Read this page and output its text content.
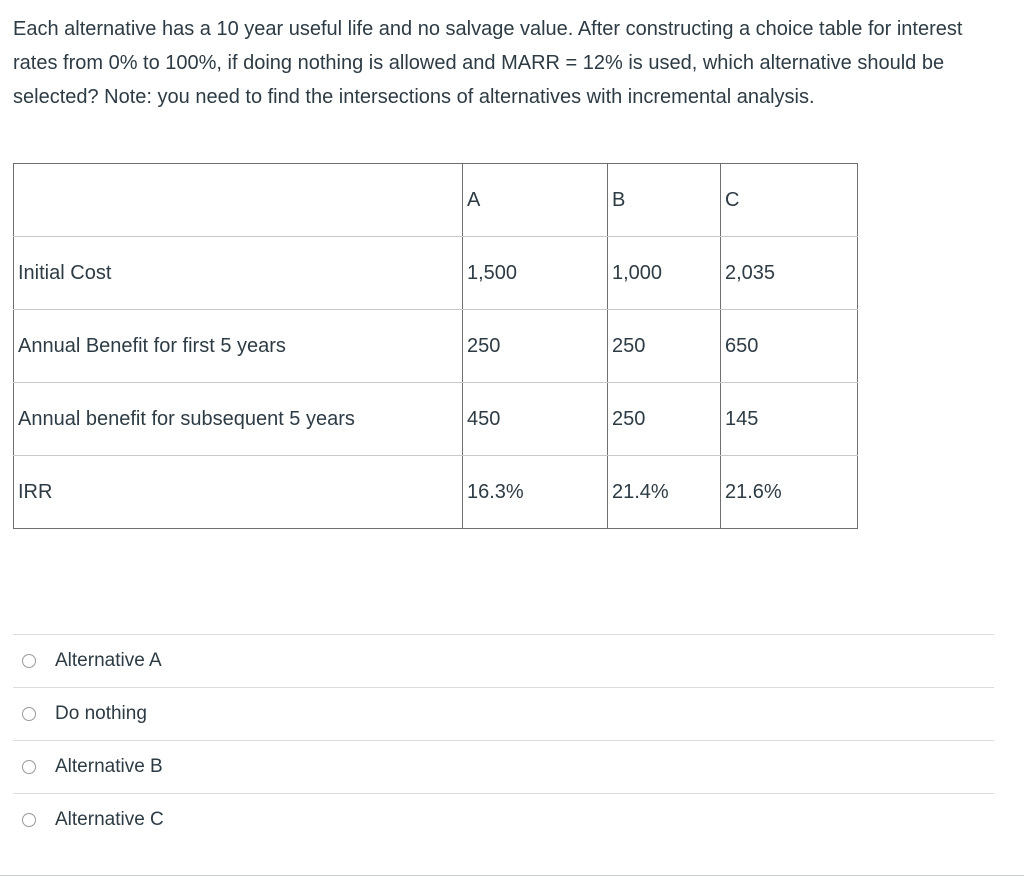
Each alternative has a 10 year useful life and no salvage value. After constructing a choice table for interest rates from 0% to 100%, if doing nothing is allowed and MARR = 12% is used, which alternative should be selected? Note: you need to find the intersections of alternatives with incremental analysis.
	A	B	C
Initial Cost	1,500	1,000	2,035
Annual Benefit for first 5 years	250	250	650
Annual benefit for subsequent 5 years	450	250	145
IRR	16.3%	21.4%	21.6%
Alternative A
Do nothing
Alternative B
Alternative C
